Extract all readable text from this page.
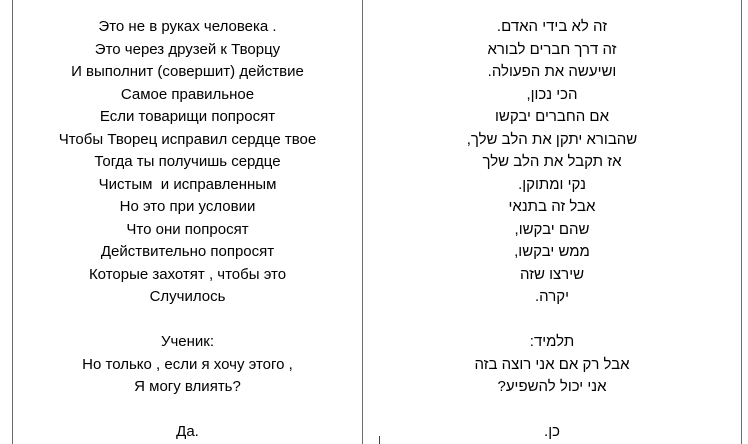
Это не в руках человека .
Это через друзей к Творцу
И выполнит (совершит) действие
Самое правильное
Если товарищи попросят
Чтобы Творец исправил сердце твое
Тогда ты получишь сердце
Чистым  и исправленным
Но это при условии
Что они попросят
Действительно попросят
Которые захотят , чтобы это
Случилось
Ученик:
Но только , если я хочу этого ,
Я могу влиять?
Да.
זה לא בידי האדם.
זה דרך חברים לבורא
ושיעשה את הפעולה.
הכי נכון,
אם החברים יבקשו
שהבורא יתקן את הלב שלך,
אז תקבל את הלב שלך
נקי ומתוקן.
אבל זה בתנאי
שהם יבקשו,
ממש יבקשו,
שירצו שזה
יקרה.
תלמיד:
אבל רק אם אני רוצה בזה
אני יכול להשפיע?
כן.
